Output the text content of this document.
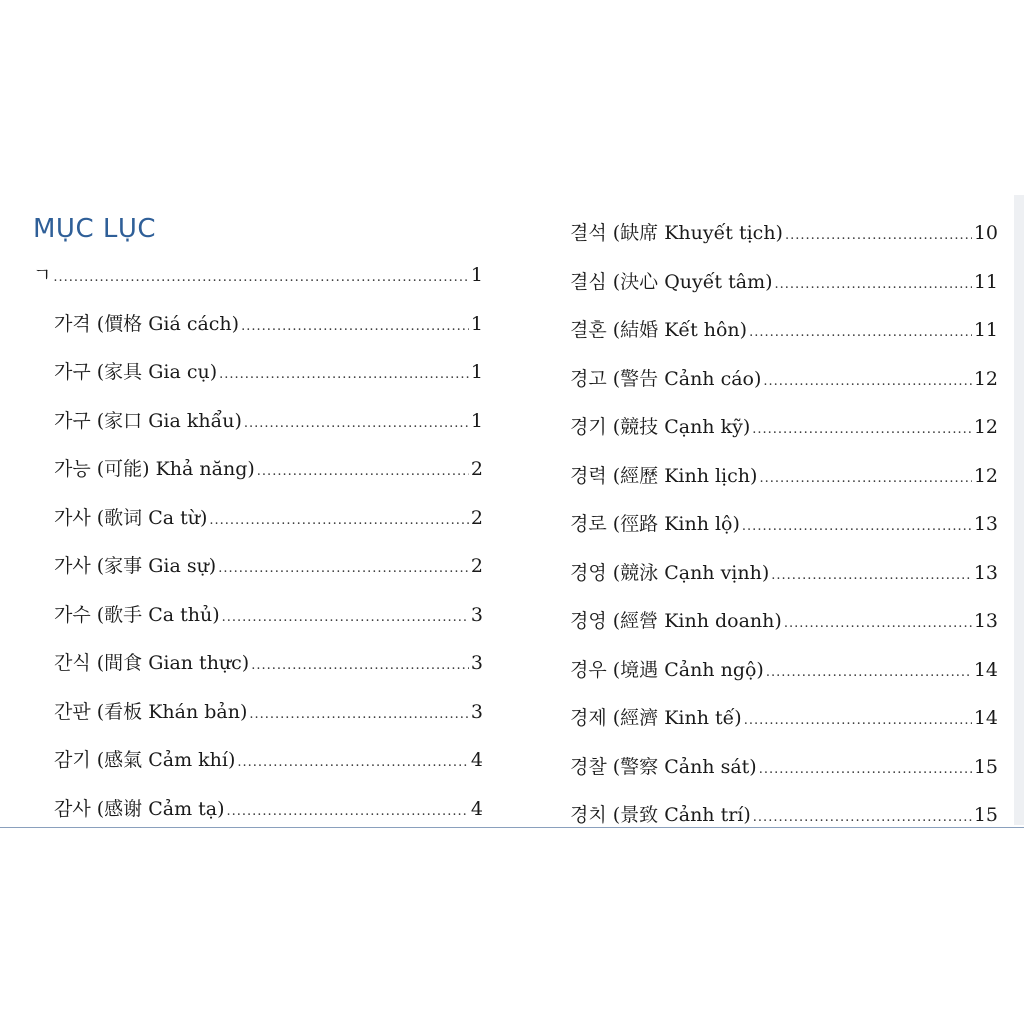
MỤC LỤC
ㄱ .....	1
가격 (價格 Giá cách) .....	1
가구 (家具 Gia cụ) .....	1
가구 (家口 Gia khẩu) .....	1
가능 (可能) Khả năng) .....	2
가사 (歌词 Ca từ) .....	2
가사 (家事 Gia sự) .....	2
가수 (歌手 Ca thủ) .....	3
간식 (間食 Gian thực) .....	3
간판 (看板 Khán bản) .....	3
감기 (感氣 Cảm khí) .....	4
감사 (感谢 Cảm tạ) .....	4
결석 (缺席 Khuyết tịch) .....	10
결심 (決心 Quyết tâm) .....	11
결혼 (結婚 Kết hôn) .....	11
경고 (警告 Cảnh cáo) .....	12
경기 (競技 Cạnh kỹ) .....	12
경력 (經歷 Kinh lịch) .....	12
경로 (徑路 Kinh lộ) .....	13
경영 (競泳 Cạnh vịnh) .....	13
경영 (經營 Kinh doanh) .....	13
경우 (境遇 Cảnh ngộ) .....	14
경제 (經濟 Kinh tế) .....	14
경찰 (警察 Cảnh sát) .....	15
경치 (景致 Cảnh trí) .....	15
